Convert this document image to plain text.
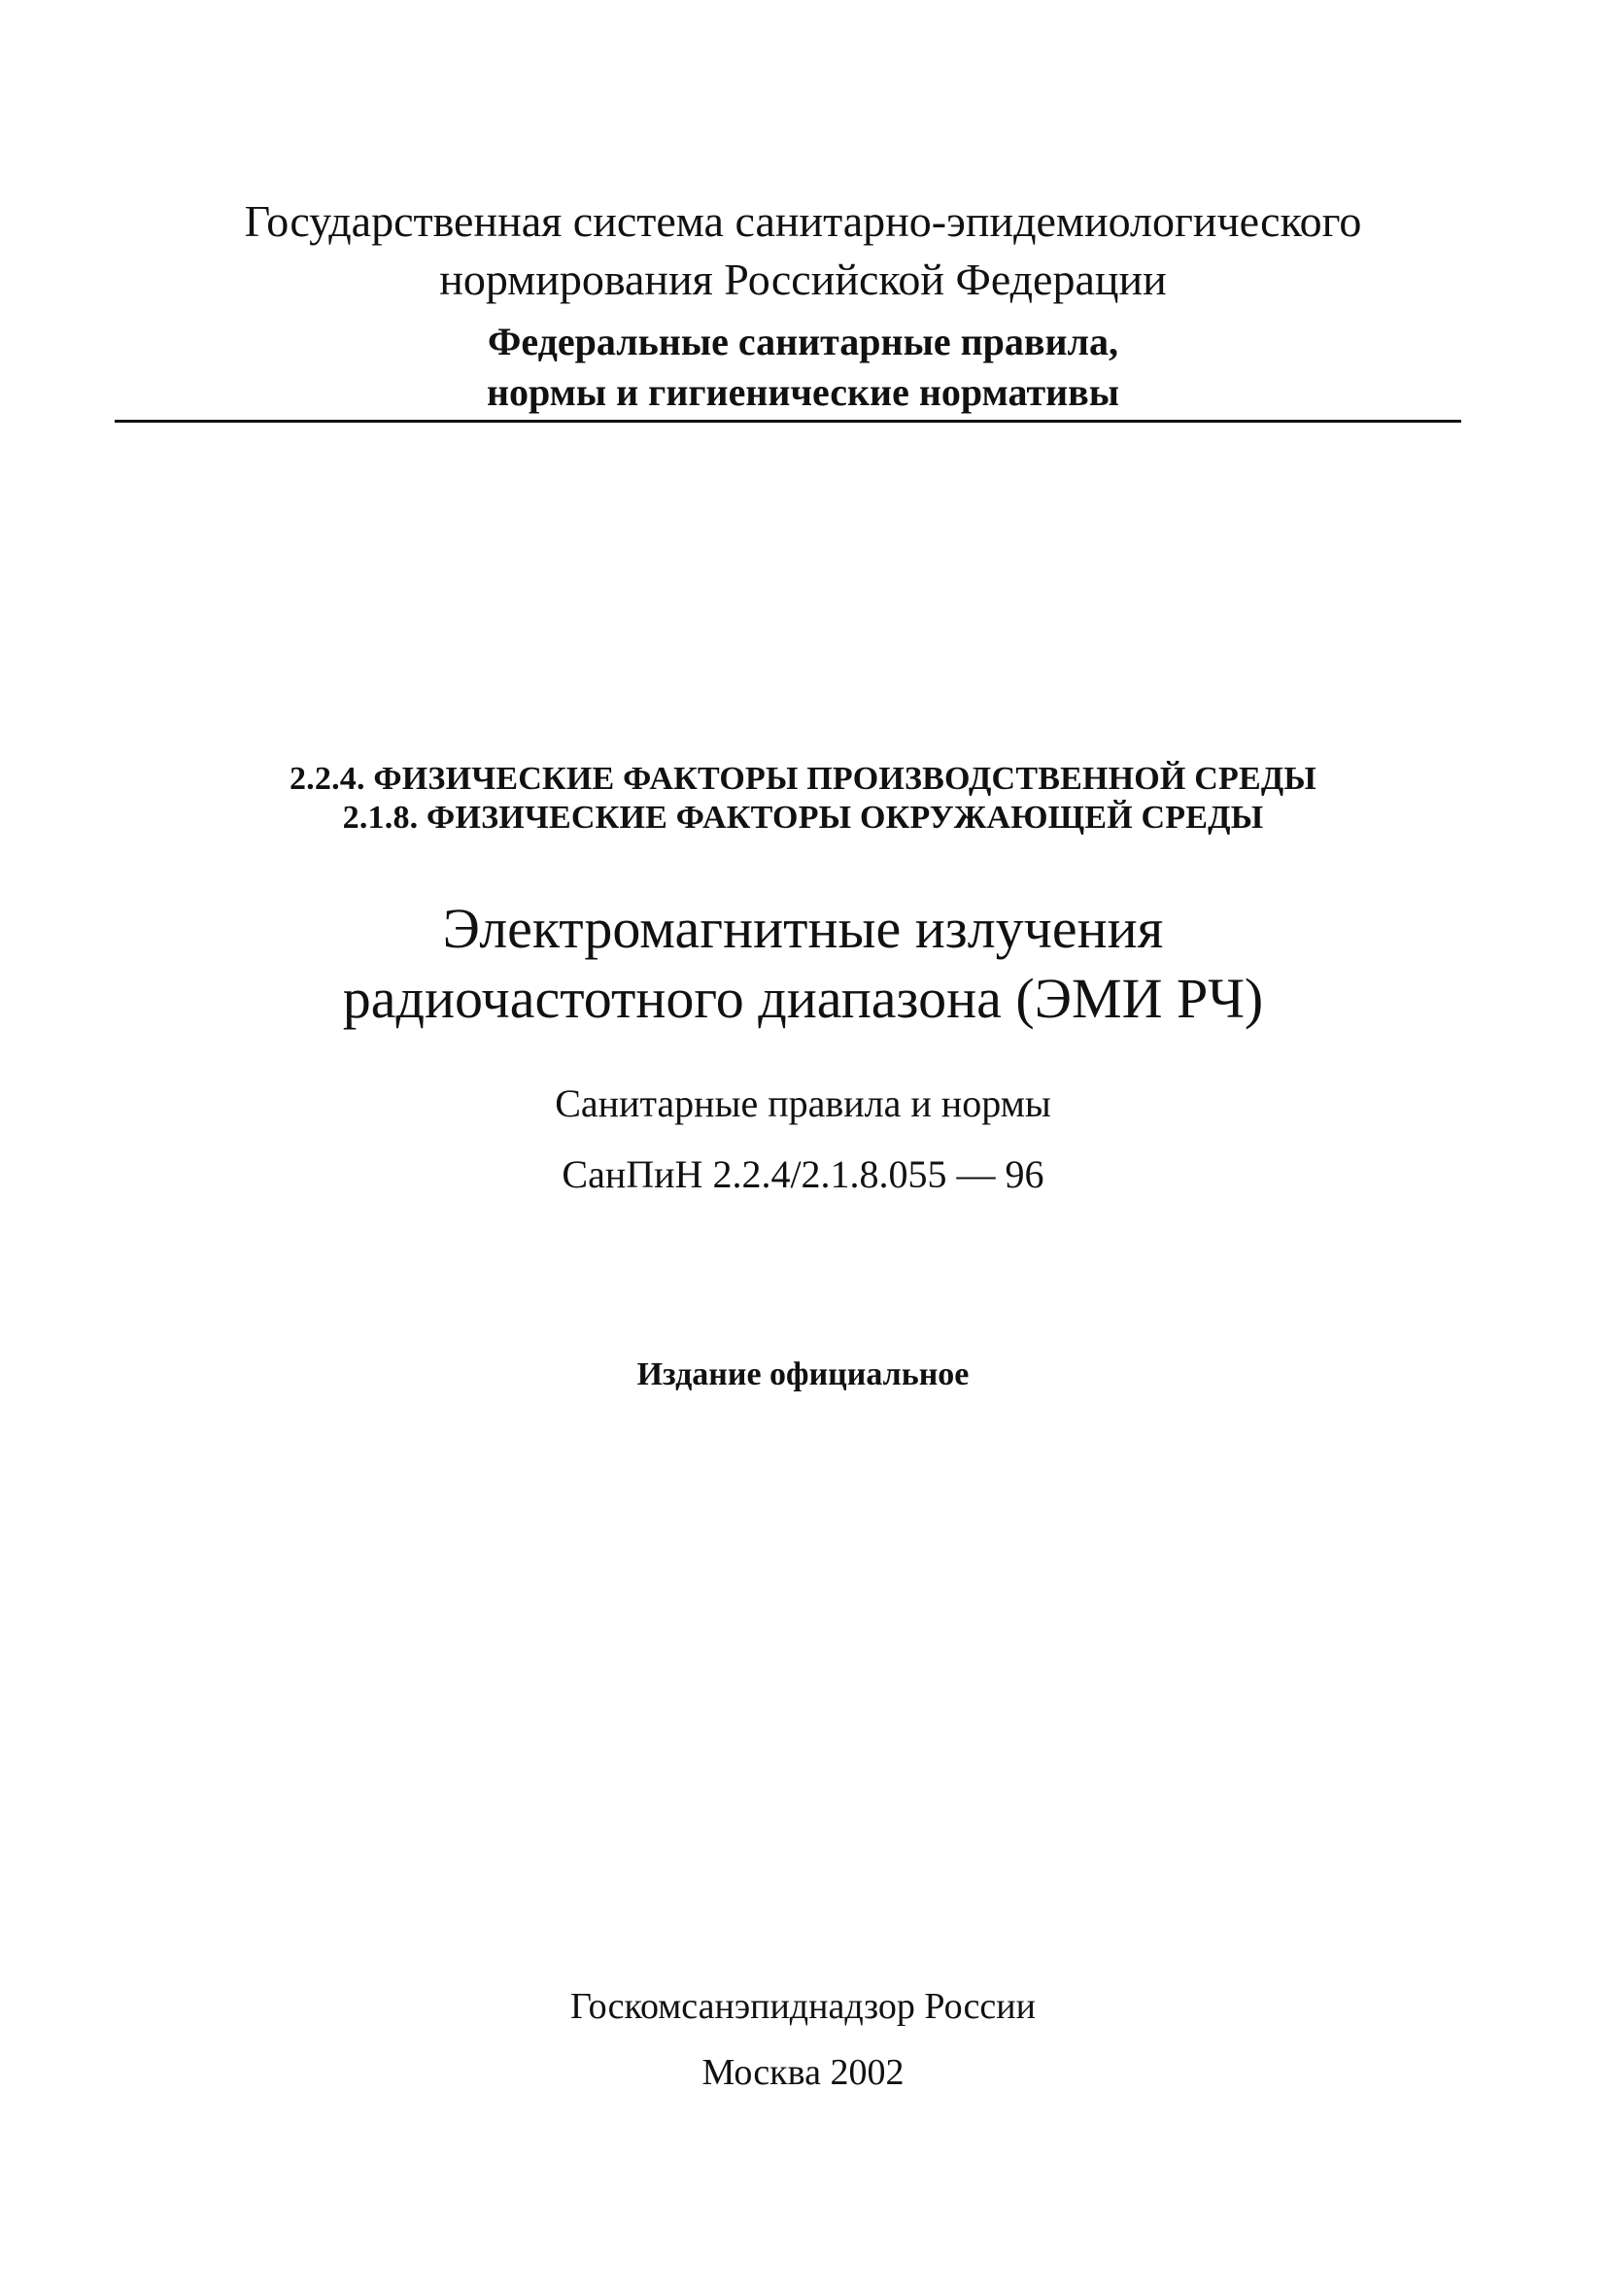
Государственная система санитарно-эпидемиологического
нормирования Российской Федерации
Федеральные санитарные правила,
нормы и гигиенические нормативы
2.2.4. ФИЗИЧЕСКИЕ ФАКТОРЫ ПРОИЗВОДСТВЕННОЙ СРЕДЫ
2.1.8. ФИЗИЧЕСКИЕ ФАКТОРЫ ОКРУЖАЮЩЕЙ СРЕДЫ
Электромагнитные излучения
радиочастотного диапазона (ЭМИ РЧ)
Санитарные правила и нормы
СанПиН 2.2.4/2.1.8.055 — 96
Издание официальное
Госкомсанэпиднадзор России
Москва 2002
